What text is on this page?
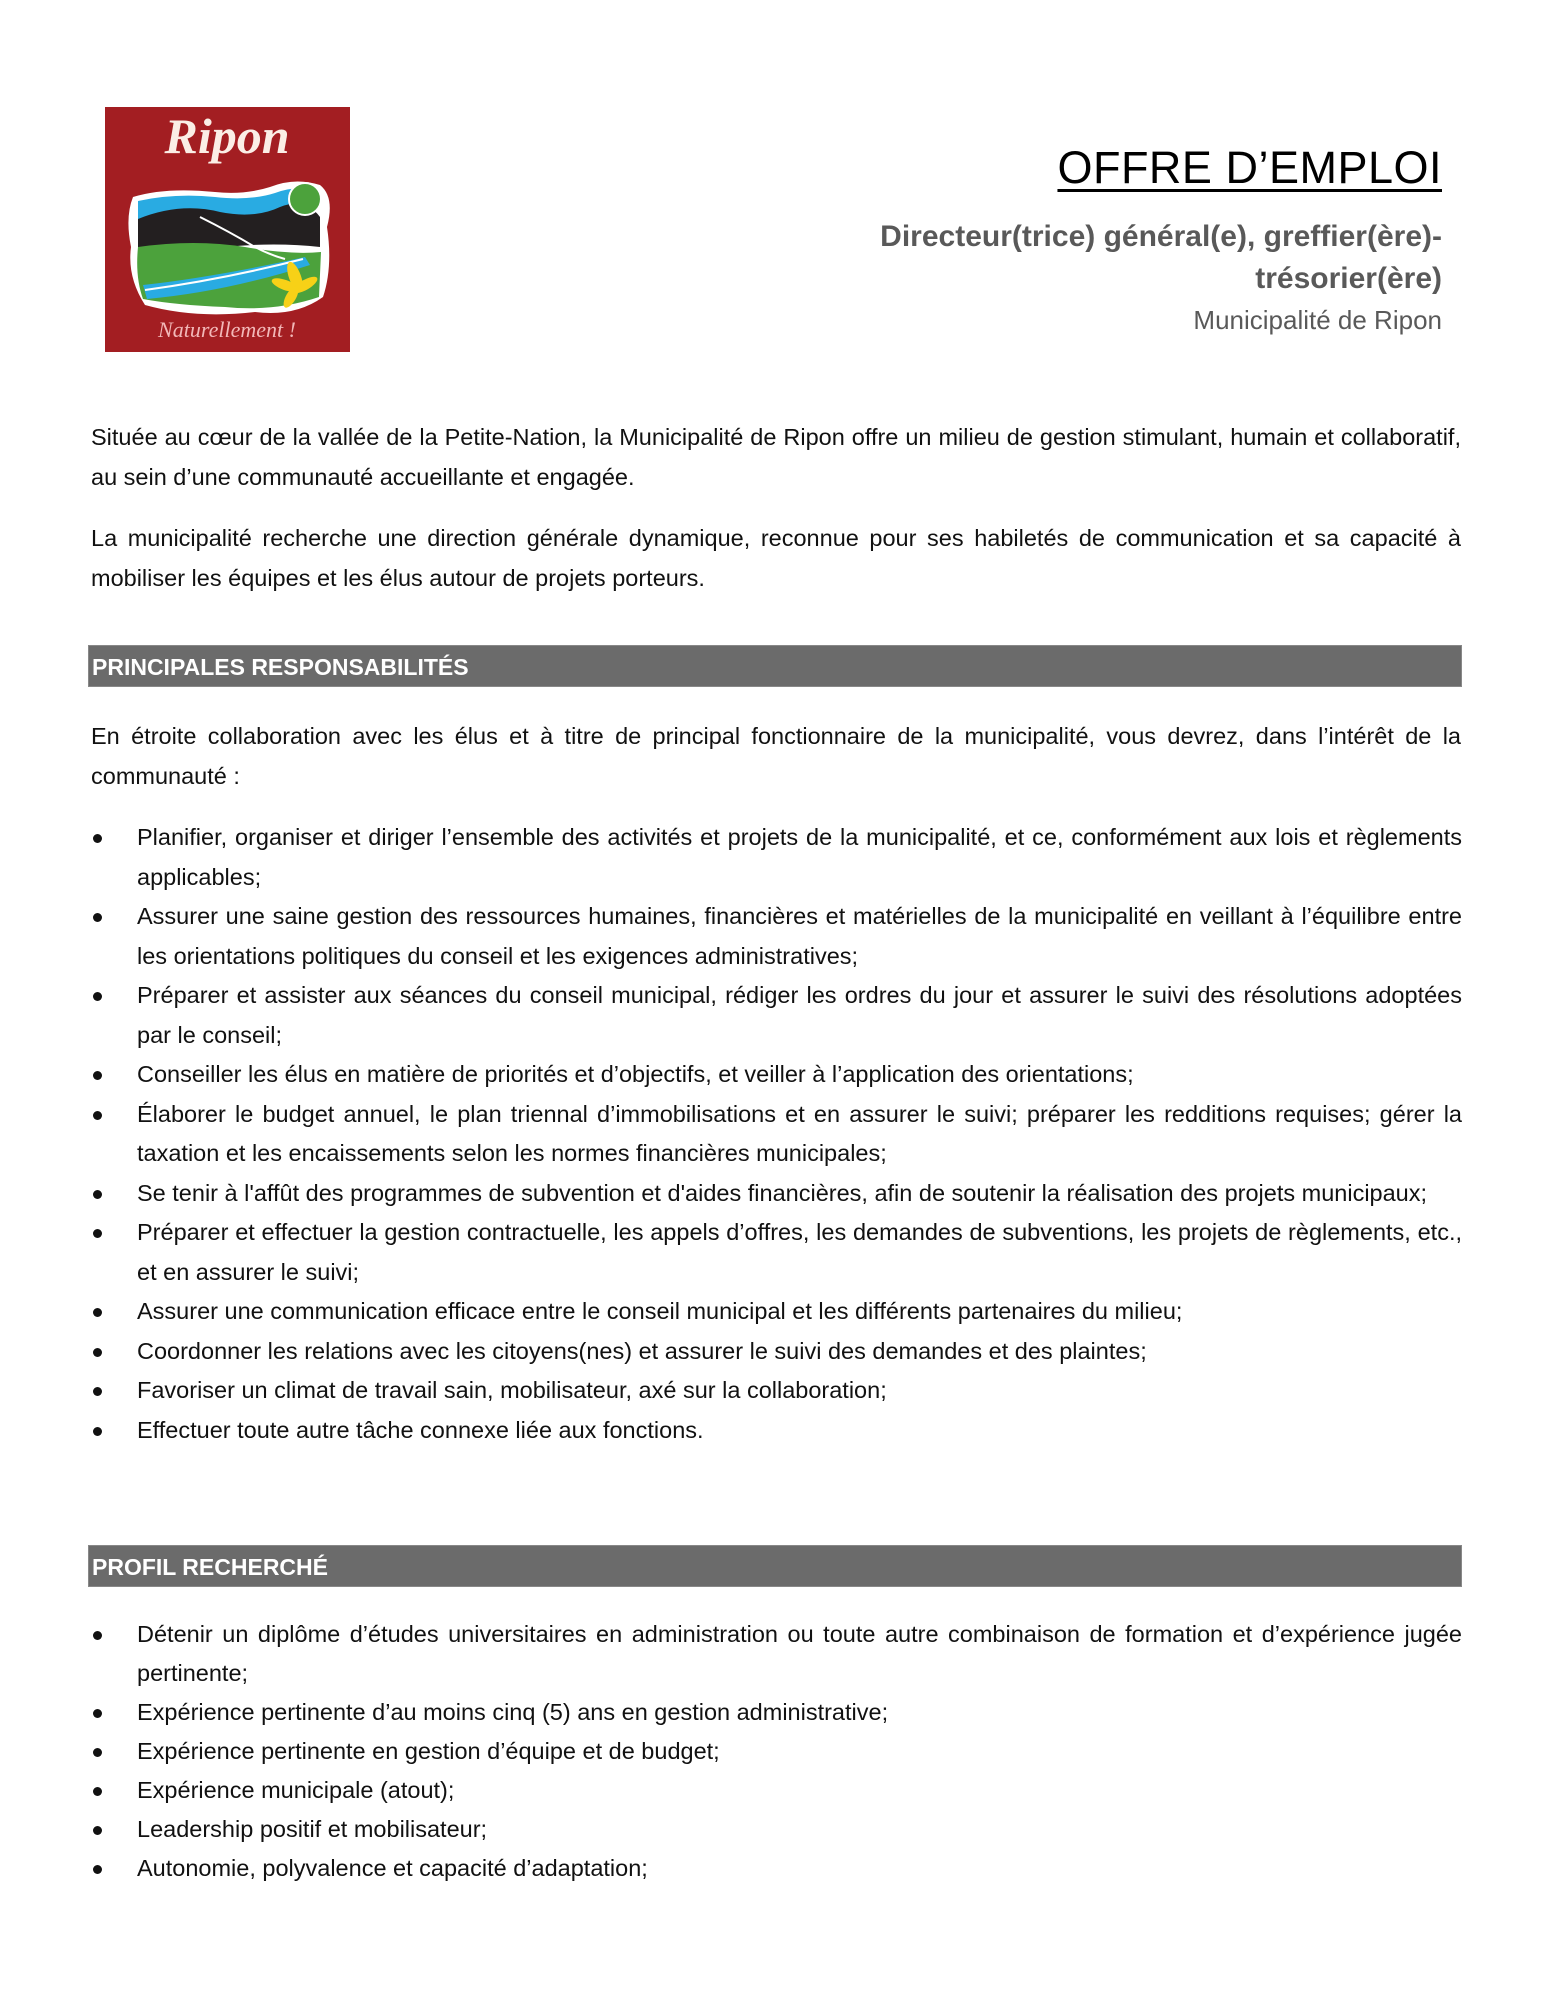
Ripon
Naturellement !
OFFRE D’EMPLOI
Directeur(trice) général(e), greffier(ère)-
trésorier(ère)
Municipalité de Ripon

Située au cœur de la vallée de la Petite-Nation, la Municipalité de Ripon offre un milieu de gestion stimulant, humain et collaboratif, au sein d’une communauté accueillante et engagée.

La municipalité recherche une direction générale dynamique, reconnue pour ses habiletés de communication et sa capacité à mobiliser les équipes et les élus autour de projets porteurs.

PRINCIPALES RESPONSABILITÉS

En étroite collaboration avec les élus et à titre de principal fonctionnaire de la municipalité, vous devrez, dans l’intérêt de la communauté :

Planifier, organiser et diriger l’ensemble des activités et projets de la municipalité, et ce, conformément aux lois et règlements applicables;
Assurer une saine gestion des ressources humaines, financières et matérielles de la municipalité en veillant à l’équilibre entre les orientations politiques du conseil et les exigences administratives;
Préparer et assister aux séances du conseil municipal, rédiger les ordres du jour et assurer le suivi des résolutions adoptées par le conseil;
Conseiller les élus en matière de priorités et d’objectifs, et veiller à l’application des orientations;
Élaborer le budget annuel, le plan triennal d’immobilisations et en assurer le suivi; préparer les redditions requises; gérer la taxation et les encaissements selon les normes financières municipales;
Se tenir à l'affût des programmes de subvention et d'aides financières, afin de soutenir la réalisation des projets municipaux;
Préparer et effectuer la gestion contractuelle, les appels d’offres, les demandes de subventions, les projets de règlements, etc., et en assurer le suivi;
Assurer une communication efficace entre le conseil municipal et les différents partenaires du milieu;
Coordonner les relations avec les citoyens(nes) et assurer le suivi des demandes et des plaintes;
Favoriser un climat de travail sain, mobilisateur, axé sur la collaboration;
Effectuer toute autre tâche connexe liée aux fonctions.
PROFIL RECHERCHÉ
Détenir un diplôme d’études universitaires en administration ou toute autre combinaison de formation et d’expérience jugée pertinente;
Expérience pertinente d’au moins cinq (5) ans en gestion administrative;
Expérience pertinente en gestion d’équipe et de budget;
Expérience municipale (atout);
Leadership positif et mobilisateur;
Autonomie, polyvalence et capacité d’adaptation;
